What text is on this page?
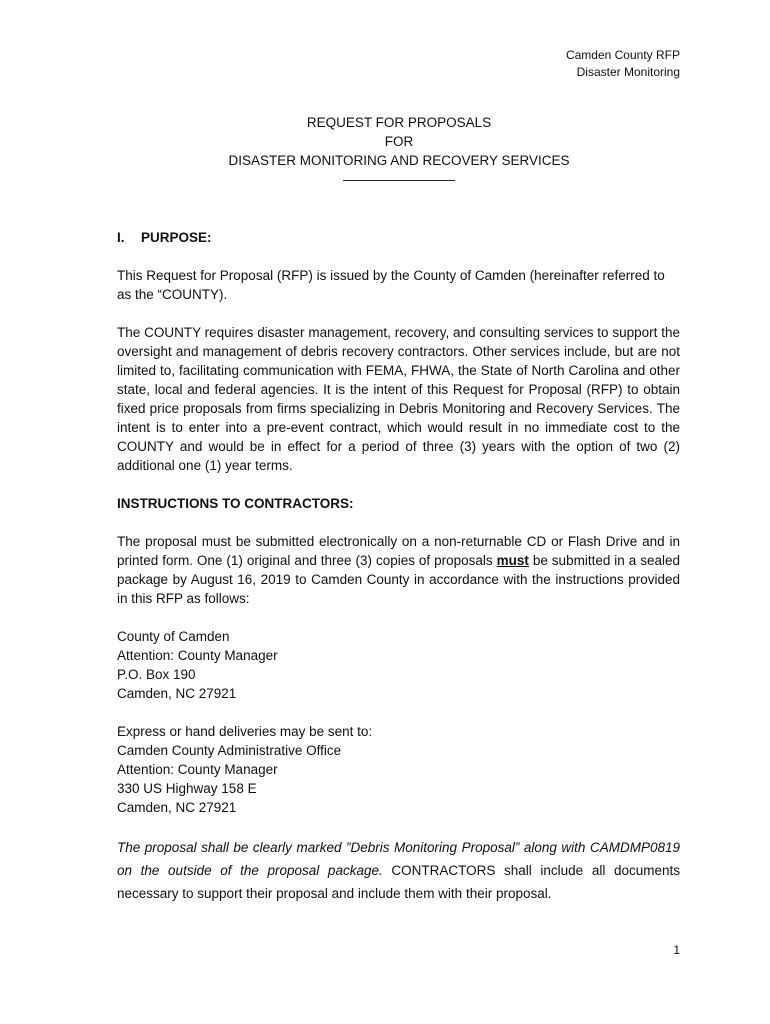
Camden County RFP
Disaster Monitoring
REQUEST FOR PROPOSALS
FOR
DISASTER MONITORING AND RECOVERY SERVICES
I. PURPOSE:

This Request for Proposal (RFP) is issued by the County of Camden (hereinafter referred to as the “COUNTY).

The COUNTY requires disaster management, recovery, and consulting services to support the oversight and management of debris recovery contractors. Other services include, but are not limited to, facilitating communication with FEMA, FHWA, the State of North Carolina and other state, local and federal agencies. It is the intent of this Request for Proposal (RFP) to obtain fixed price proposals from firms specializing in Debris Monitoring and Recovery Services. The intent is to enter into a pre-event contract, which would result in no immediate cost to the COUNTY and would be in effect for a period of three (3) years with the option of two (2) additional one (1) year terms.

INSTRUCTIONS TO CONTRACTORS:

The proposal must be submitted electronically on a non-returnable CD or Flash Drive and in printed form. One (1) original and three (3) copies of proposals must be submitted in a sealed package by August 16, 2019 to Camden County in accordance with the instructions provided in this RFP as follows:

County of Camden
Attention: County Manager
P.O. Box 190
Camden, NC 27921
Express or hand deliveries may be sent to:
Camden County Administrative Office
Attention: County Manager
330 US Highway 158 E
Camden, NC 27921

The proposal shall be clearly marked ”Debris Monitoring Proposal” along with CAMDMP0819 on the outside of the proposal package. CONTRACTORS shall include all documents necessary to support their proposal and include them with their proposal.

1
